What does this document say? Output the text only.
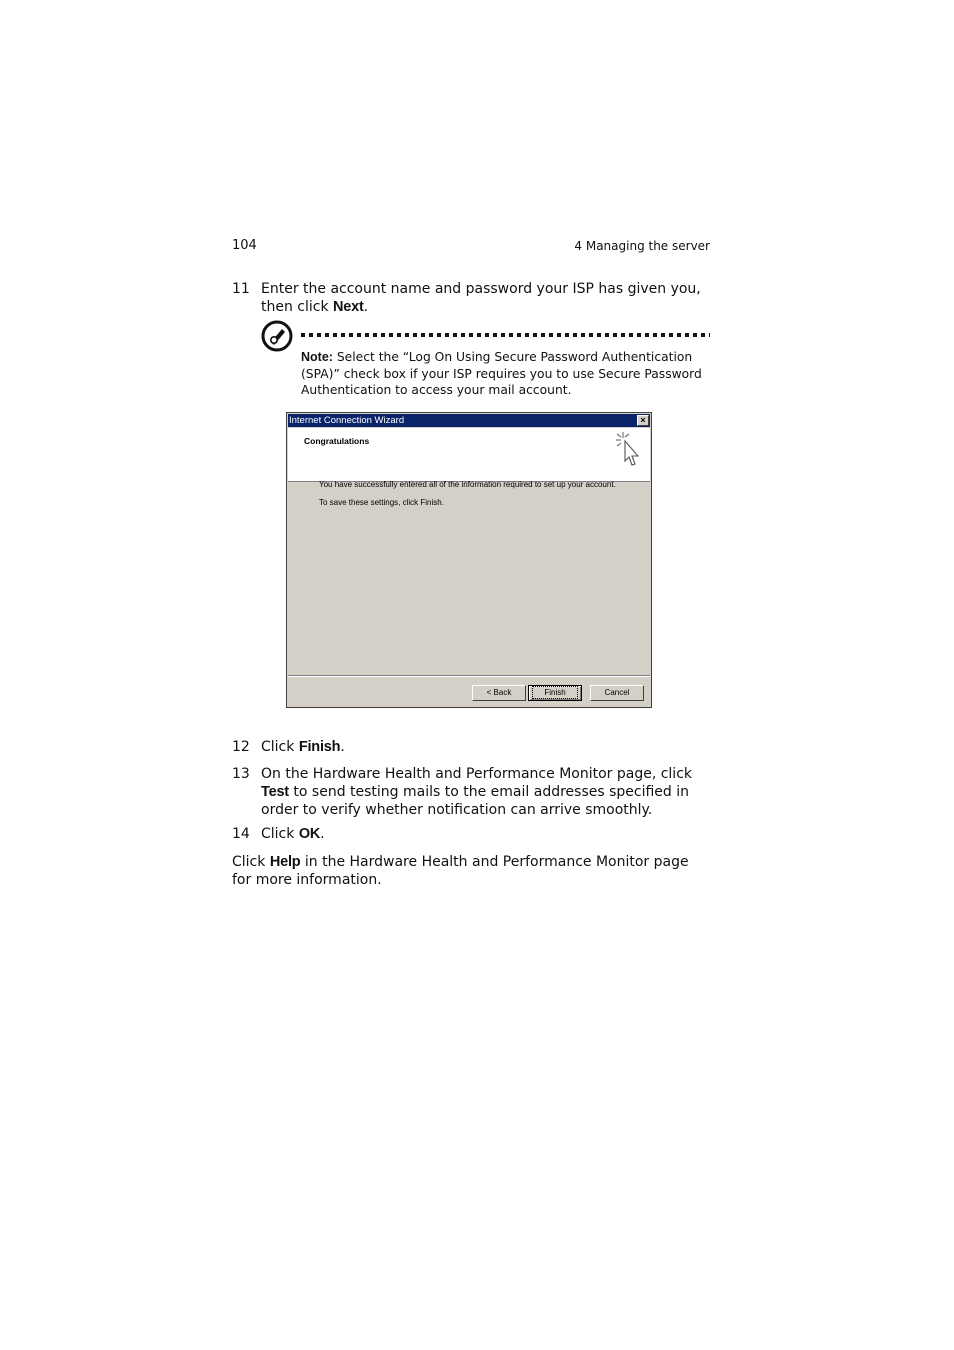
104	4 Managing the server
11 Enter the account name and password your ISP has given you, then click Next.
Note: Select the “Log On Using Secure Password Authentication (SPA)” check box if your ISP requires you to use Secure Password Authentication to access your mail account.
Internet Connection Wizard	×
Congratulations
You have successfully entered all of the information required to set up your account.
To save these settings, click Finish.
< Back	Finish	Cancel
12 Click Finish.
13 On the Hardware Health and Performance Monitor page, click Test to send testing mails to the email addresses specified in order to verify whether notification can arrive smoothly.
14 Click OK.
Click Help in the Hardware Health and Performance Monitor page for more information.
